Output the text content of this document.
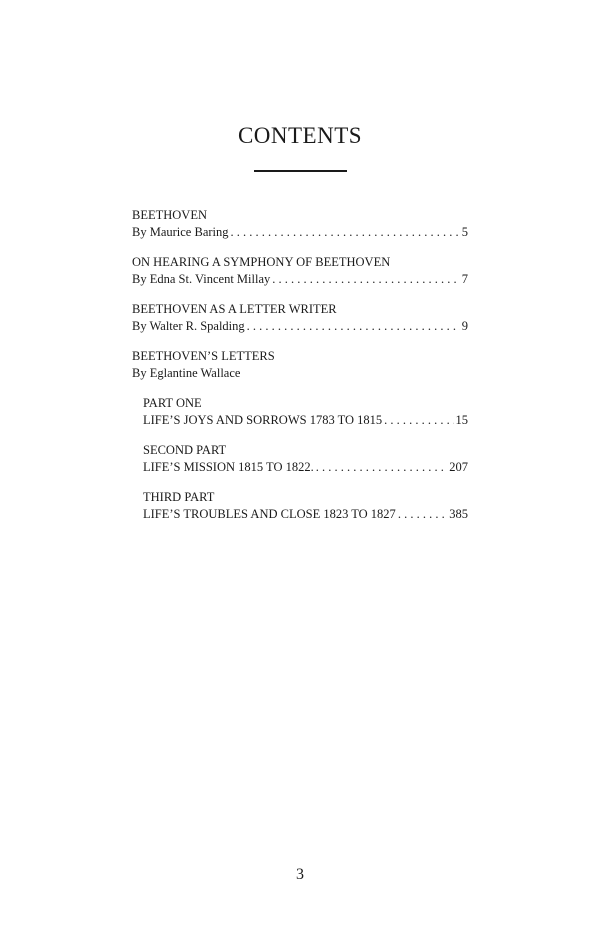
CONTENTS
BEETHOVEN
By Maurice Baring . . .	5
ON HEARING A SYMPHONY OF BEETHOVEN
By Edna St. Vincent Millay . . .	7
BEETHOVEN AS A LETTER WRITER
By Walter R. Spalding . . .	9
BEETHOVEN’S LETTERS
By Eglantine Wallace
PART ONE
LIFE’S JOYS AND SORROWS 1783 TO 1815 . . .	15
SECOND PART
LIFE’S MISSION 1815 TO 1822. . . .	207
THIRD PART
LIFE’S TROUBLES AND CLOSE 1823 TO 1827 . . .	385
3
